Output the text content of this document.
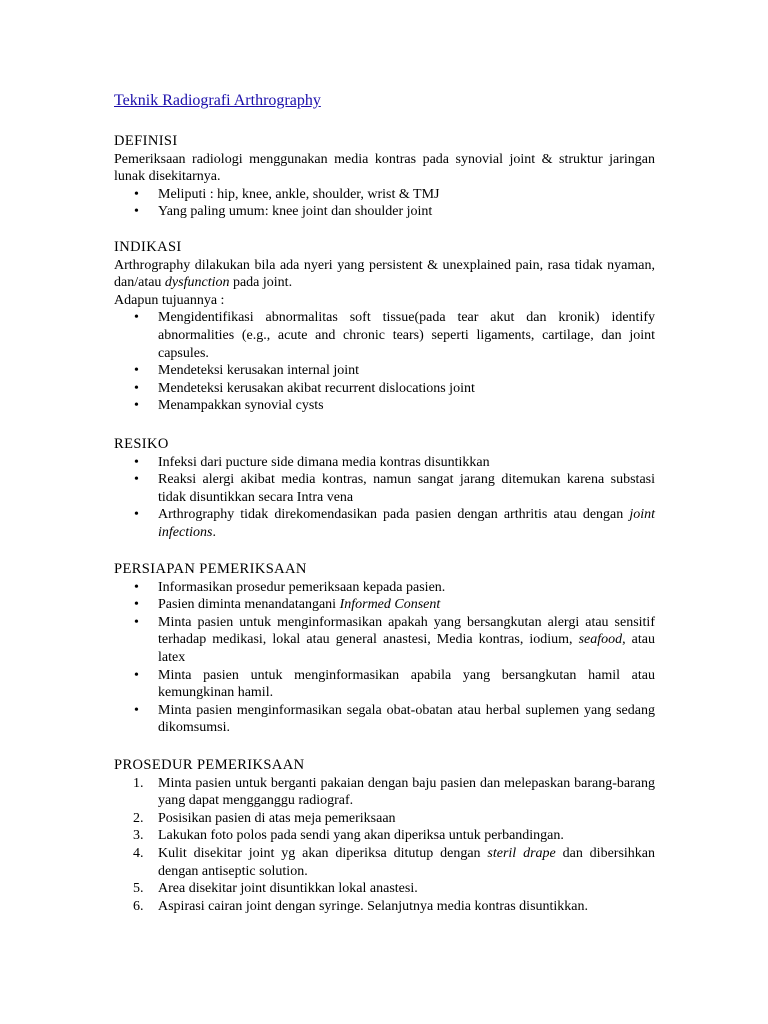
Teknik Radiografi Arthrography

DEFINISI

Pemeriksaan radiologi menggunakan media kontras pada synovial joint & struktur jaringan lunak disekitarnya.

• Meliputi : hip, knee, ankle, shoulder, wrist & TMJ
• Yang paling umum: knee joint dan shoulder joint

INDIKASI

Arthrography dilakukan bila ada nyeri yang persistent & unexplained pain, rasa tidak nyaman, dan/atau dysfunction pada joint.

Adapun tujuannya :

• Mengidentifikasi abnormalitas soft tissue(pada tear akut dan kronik) identify abnormalities (e.g., acute and chronic tears) seperti ligaments, cartilage, dan joint capsules.
• Mendeteksi kerusakan internal joint
• Mendeteksi kerusakan akibat recurrent dislocations joint
• Menampakkan synovial cysts

RESIKO

• Infeksi dari pucture side dimana media kontras disuntikkan
• Reaksi alergi akibat media kontras, namun sangat jarang ditemukan karena substasi tidak disuntikkan secara Intra vena
• Arthrography tidak direkomendasikan pada pasien dengan arthritis atau dengan joint infections.

PERSIAPAN PEMERIKSAAN

• Informasikan prosedur pemeriksaan kepada pasien.
• Pasien diminta menandatangani Informed Consent
• Minta pasien untuk menginformasikan apakah yang bersangkutan alergi atau sensitif terhadap medikasi, lokal atau general anastesi, Media kontras, iodium, seafood, atau latex
• Minta pasien untuk menginformasikan apabila yang bersangkutan hamil atau kemungkinan hamil.
• Minta pasien menginformasikan segala obat-obatan atau herbal suplemen yang sedang dikomsumsi.

PROSEDUR PEMERIKSAAN

1. Minta pasien untuk berganti pakaian dengan baju pasien dan melepaskan barang-barang yang dapat mengganggu radiograf.
2. Posisikan pasien di atas meja pemeriksaan
3. Lakukan foto polos pada sendi yang akan diperiksa untuk perbandingan.
4. Kulit disekitar joint yg akan diperiksa ditutup dengan steril drape dan dibersihkan dengan antiseptic solution.
5. Area disekitar joint disuntikkan lokal anastesi.
6. Aspirasi cairan joint dengan syringe. Selanjutnya media kontras disuntikkan.
